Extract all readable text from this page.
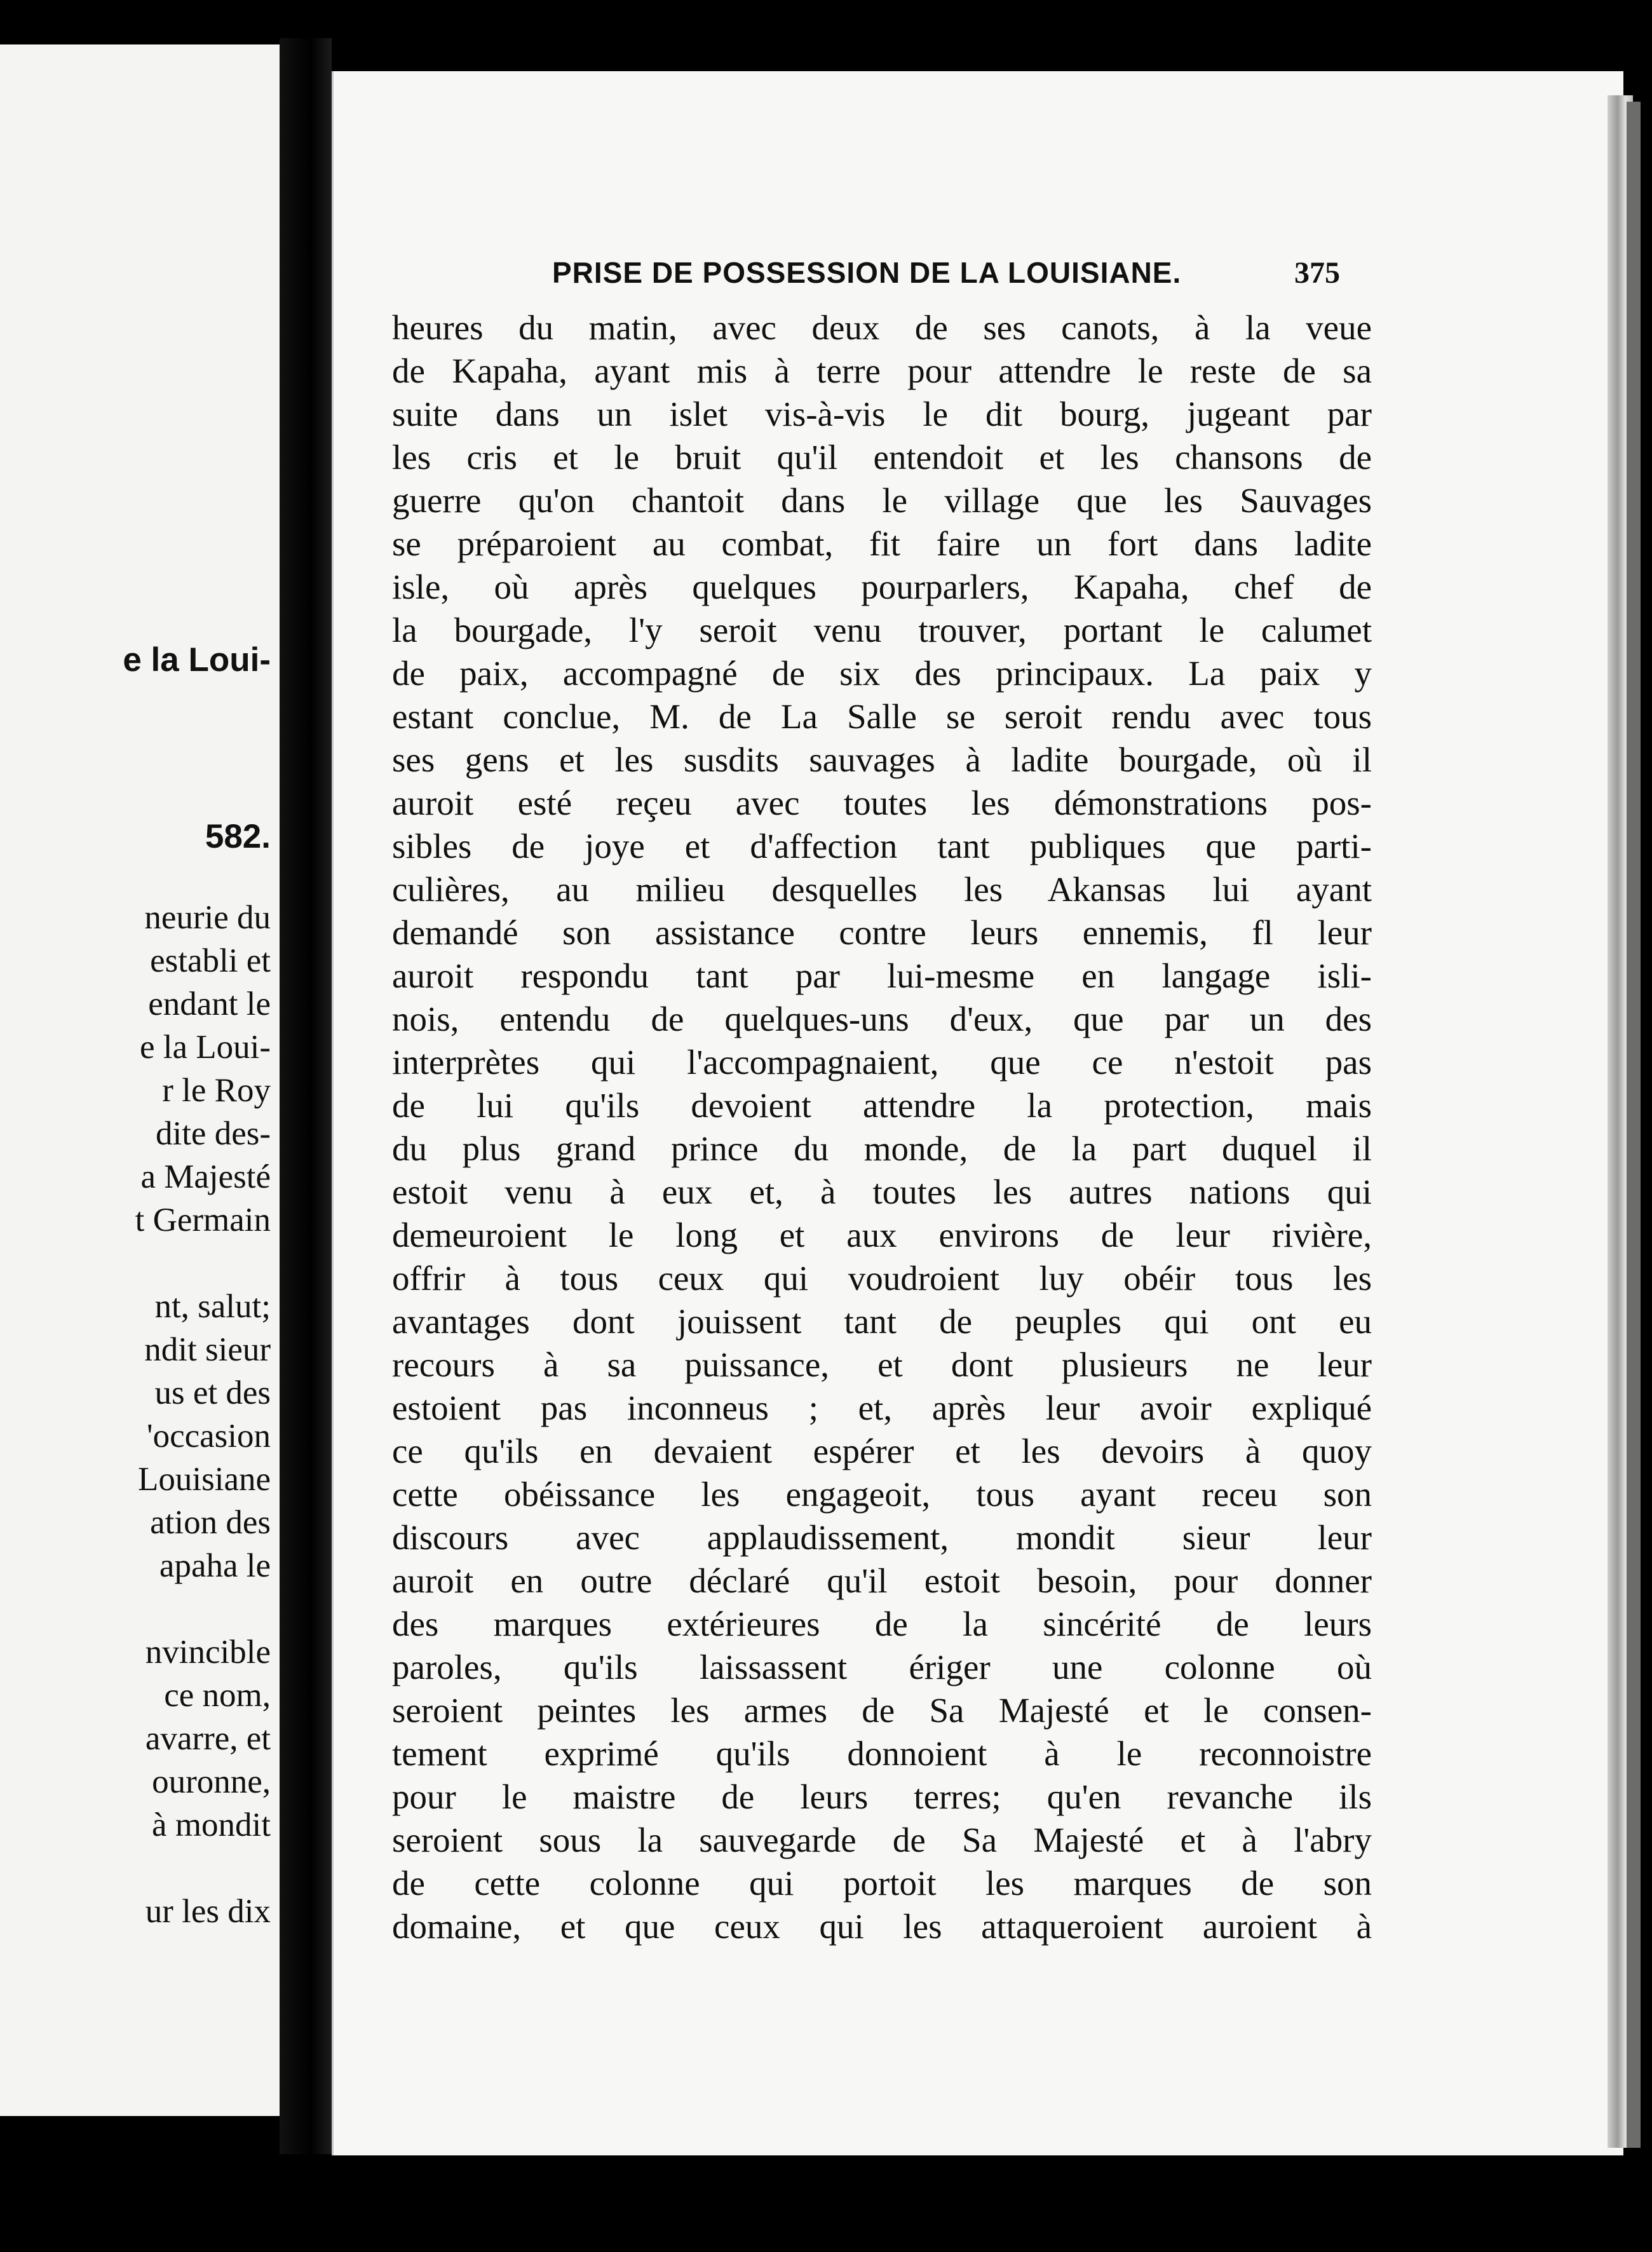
e la Loui-
582.
neurie du
establi et
endant le
e la Loui-
r le Roy
dite des-
a Majesté
t Germain
nt, salut;
ndit sieur
us et des
'occasion
Louisiane
ation des
apaha le
nvincible
ce nom,
avarre, et
ouronne,
à mondit
ur les dix
PRISE DE POSSESSION DE LA LOUISIANE.	375
heures du matin, avec deux de ses canots, à la veue
de Kapaha, ayant mis à terre pour attendre le reste de sa
suite dans un islet vis-à-vis le dit bourg, jugeant par
les cris et le bruit qu'il entendoit et les chansons de
guerre qu'on chantoit dans le village que les Sauvages
se préparoient au combat, fit faire un fort dans ladite
isle, où après quelques pourparlers, Kapaha, chef de
la bourgade, l'y seroit venu trouver, portant le calumet
de paix, accompagné de six des principaux. La paix y
estant conclue, M. de La Salle se seroit rendu avec tous
ses gens et les susdits sauvages à ladite bourgade, où il
auroit esté reçeu avec toutes les démonstrations pos-
sibles de joye et d'affection tant publiques que parti-
culières, au milieu desquelles les Akansas lui ayant
demandé son assistance contre leurs ennemis, fl leur
auroit respondu tant par lui-mesme en langage isli-
nois, entendu de quelques-uns d'eux, que par un des
interprètes qui l'accompagnaient, que ce n'estoit pas
de lui qu'ils devoient attendre la protection, mais
du plus grand prince du monde, de la part duquel il
estoit venu à eux et, à toutes les autres nations qui
demeuroient le long et aux environs de leur rivière,
offrir à tous ceux qui voudroient luy obéir tous les
avantages dont jouissent tant de peuples qui ont eu
recours à sa puissance, et dont plusieurs ne leur
estoient pas inconneus ; et, après leur avoir expliqué
ce qu'ils en devaient espérer et les devoirs à quoy
cette obéissance les engageoit, tous ayant receu son
discours avec applaudissement, mondit sieur leur
auroit en outre déclaré qu'il estoit besoin, pour donner
des marques extérieures de la sincérité de leurs
paroles, qu'ils laissassent ériger une colonne où
seroient peintes les armes de Sa Majesté et le consen-
tement exprimé qu'ils donnoient à le reconnoistre
pour le maistre de leurs terres; qu'en revanche ils
seroient sous la sauvegarde de Sa Majesté et à l'abry
de cette colonne qui portoit les marques de son
domaine, et que ceux qui les attaqueroient auroient à
